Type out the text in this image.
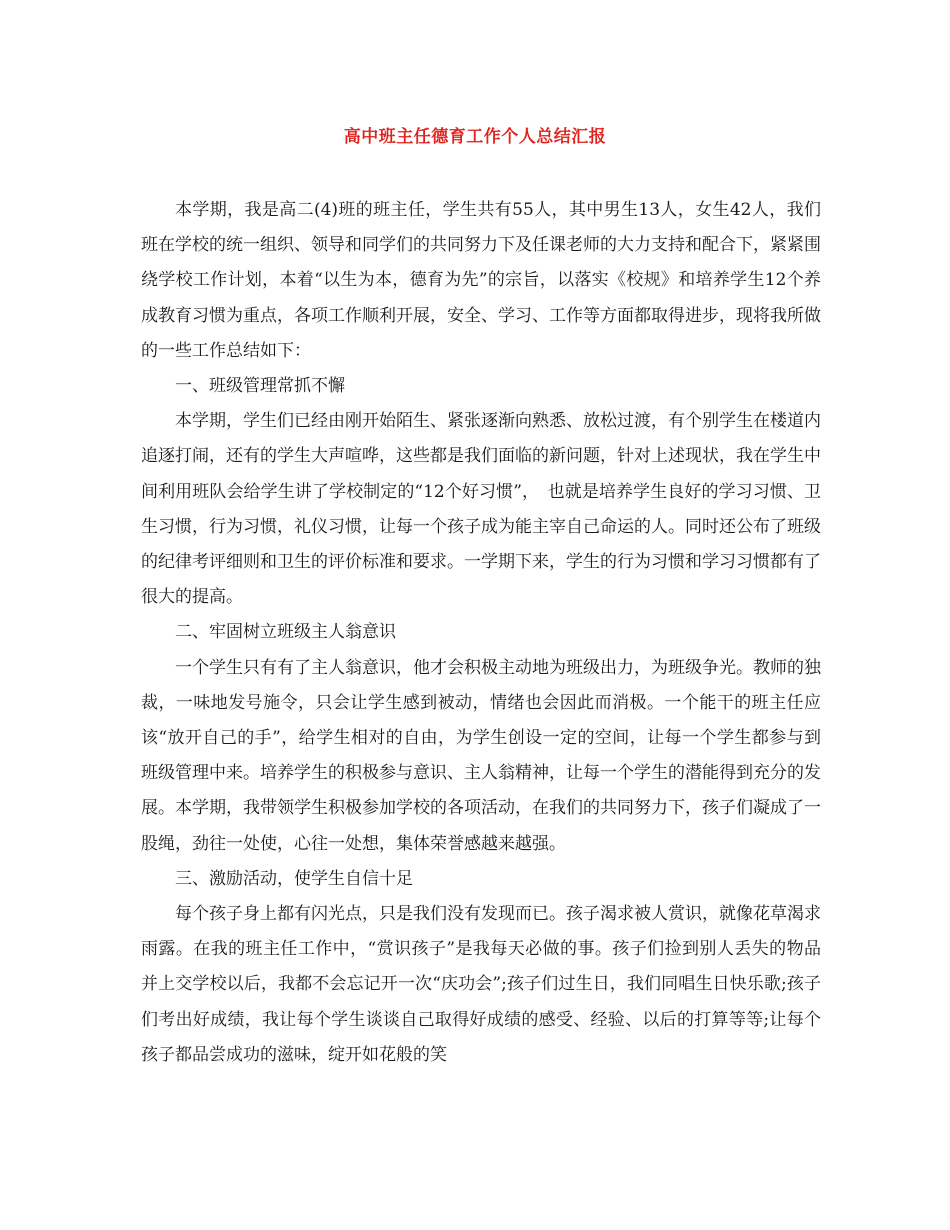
高中班主任德育工作个人总结汇报

本学期，我是高二(4)班的班主任，学生共有55人，其中男生13人，女生42人，我们班在学校的统一组织、领导和同学们的共同努力下及任课老师的大力支持和配合下，紧紧围绕学校工作计划，本着“以生为本，德育为先”的宗旨，以落实《校规》和培养学生12个养成教育习惯为重点，各项工作顺利开展，安全、学习、工作等方面都取得进步，现将我所做的一些工作总结如下：

一、班级管理常抓不懈

本学期，学生们已经由刚开始陌生、紧张逐渐向熟悉、放松过渡，有个别学生在楼道内追逐打闹，还有的学生大声喧哗，这些都是我们面临的新问题，针对上述现状，我在学生中间利用班队会给学生讲了学校制定的“12个好习惯”，　也就是培养学生良好的学习习惯、卫生习惯，行为习惯，礼仪习惯，让每一个孩子成为能主宰自己命运的人。同时还公布了班级的纪律考评细则和卫生的评价标准和要求。一学期下来，学生的行为习惯和学习习惯都有了很大的提高。

二、牢固树立班级主人翁意识

一个学生只有有了主人翁意识，他才会积极主动地为班级出力，为班级争光。教师的独裁，一味地发号施令，只会让学生感到被动，情绪也会因此而消极。一个能干的班主任应该“放开自己的手”，给学生相对的自由，为学生创设一定的空间，让每一个学生都参与到班级管理中来。培养学生的积极参与意识、主人翁精神，让每一个学生的潜能得到充分的发展。本学期，我带领学生积极参加学校的各项活动，在我们的共同努力下，孩子们凝成了一股绳，劲往一处使，心往一处想，集体荣誉感越来越强。

三、激励活动，使学生自信十足

每个孩子身上都有闪光点，只是我们没有发现而已。孩子渴求被人赏识，就像花草渴求雨露。在我的班主任工作中，“赏识孩子”是我每天必做的事。孩子们捡到别人丢失的物品并上交学校以后，我都不会忘记开一次“庆功会”;孩子们过生日，我们同唱生日快乐歌;孩子们考出好成绩，我让每个学生谈谈自己取得好成绩的感受、经验、以后的打算等等;让每个孩子都品尝成功的滋味，绽开如花般的笑
